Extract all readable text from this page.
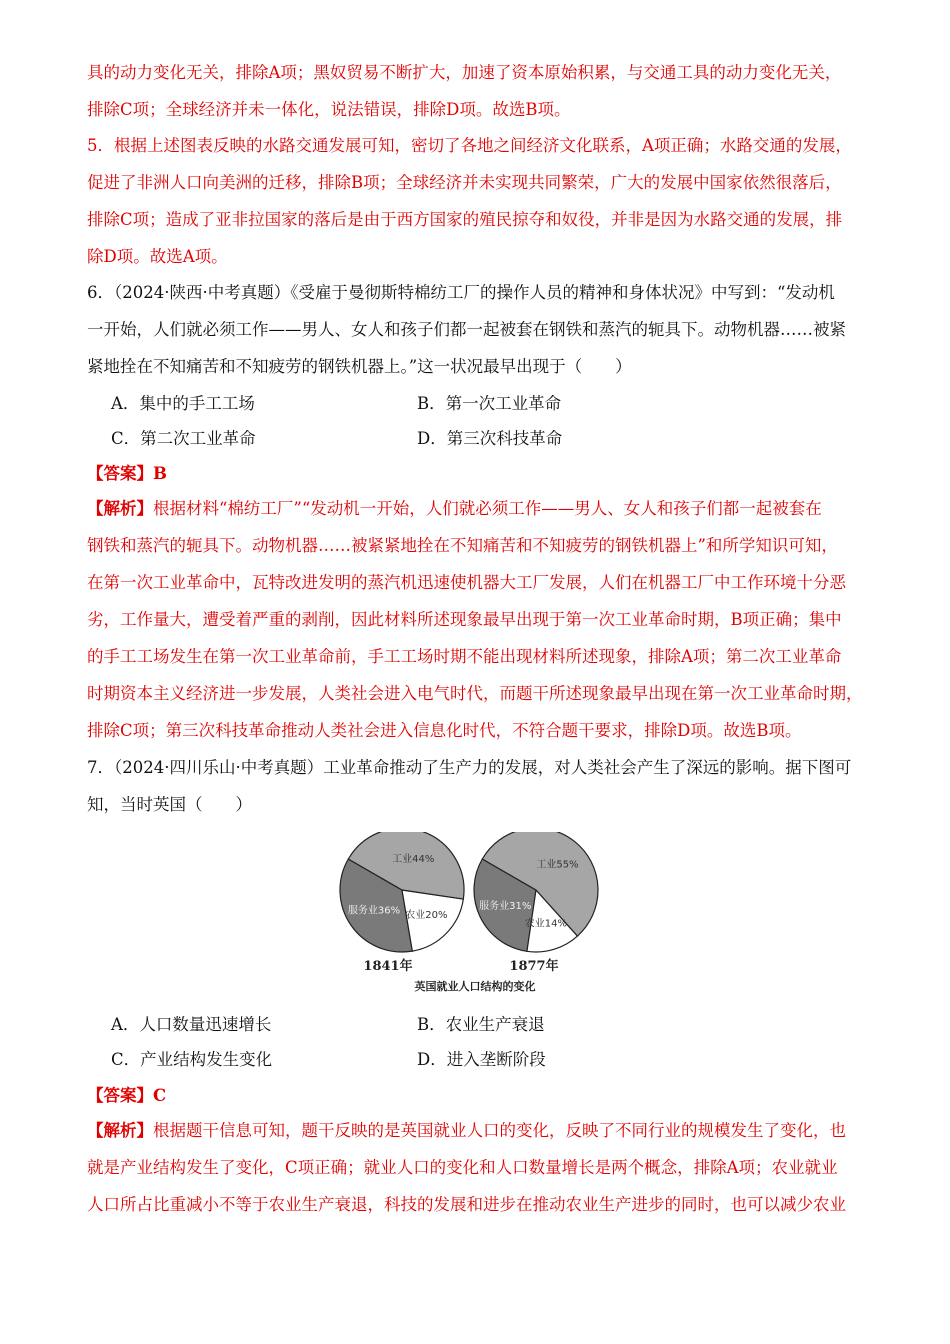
具的动力变化无关，排除A项；黑奴贸易不断扩大，加速了资本原始积累，与交通工具的动力变化无关，
排除C项；全球经济并未一体化，说法错误，排除D项。故选B项。
5．根据上述图表反映的水路交通发展可知，密切了各地之间经济文化联系，A项正确；水路交通的发展，
促进了非洲人口向美洲的迁移，排除B项；全球经济并未实现共同繁荣，广大的发展中国家依然很落后，
排除C项；造成了亚非拉国家的落后是由于西方国家的殖民掠夺和奴役，并非是因为水路交通的发展，排
除D项。故选A项。
6．（2024·陕西·中考真题）《受雇于曼彻斯特棉纺工厂的操作人员的精神和身体状况》中写到：“发动机
一开始，人们就必须工作——男人、女人和孩子们都一起被套在钢铁和蒸汽的轭具下。动物机器……被紧
紧地拴在不知痛苦和不知疲劳的钢铁机器上。”这一状况最早出现于（　　）
A．集中的手工工场	B．第一次工业革命
C．第二次工业革命	D．第三次科技革命
【答案】B
【解析】根据材料“棉纺工厂”“发动机一开始，人们就必须工作——男人、女人和孩子们都一起被套在
钢铁和蒸汽的轭具下。动物机器……被紧紧地拴在不知痛苦和不知疲劳的钢铁机器上”和所学知识可知，
在第一次工业革命中，瓦特改进发明的蒸汽机迅速使机器大工厂发展，人们在机器工厂中工作环境十分恶
劣，工作量大，遭受着严重的剥削，因此材料所述现象最早出现于第一次工业革命时期，B项正确；集中
的手工工场发生在第一次工业革命前，手工工场时期不能出现材料所述现象，排除A项；第二次工业革命
时期资本主义经济进一步发展，人类社会进入电气时代，而题干所述现象最早出现在第一次工业革命时期，
排除C项；第三次科技革命推动人类社会进入信息化时代，不符合题干要求，排除D项。故选B项。
7．（2024·四川乐山·中考真题）工业革命推动了生产力的发展，对人类社会产生了深远的影响。据下图可
知，当时英国（　　）
1841年	1877年
英国就业人口结构的变化
工业44%
农业20%
服务业36%
工业55%
农业14%
服务业31%
A．人口数量迅速增长	B．农业生产衰退
C．产业结构发生变化	D．进入垄断阶段
【答案】C
【解析】根据题干信息可知，题干反映的是英国就业人口的变化，反映了不同行业的规模发生了变化，也
就是产业结构发生了变化，C项正确；就业人口的变化和人口数量增长是两个概念，排除A项；农业就业
人口所占比重减小不等于农业生产衰退，科技的发展和进步在推动农业生产进步的同时，也可以减少农业
